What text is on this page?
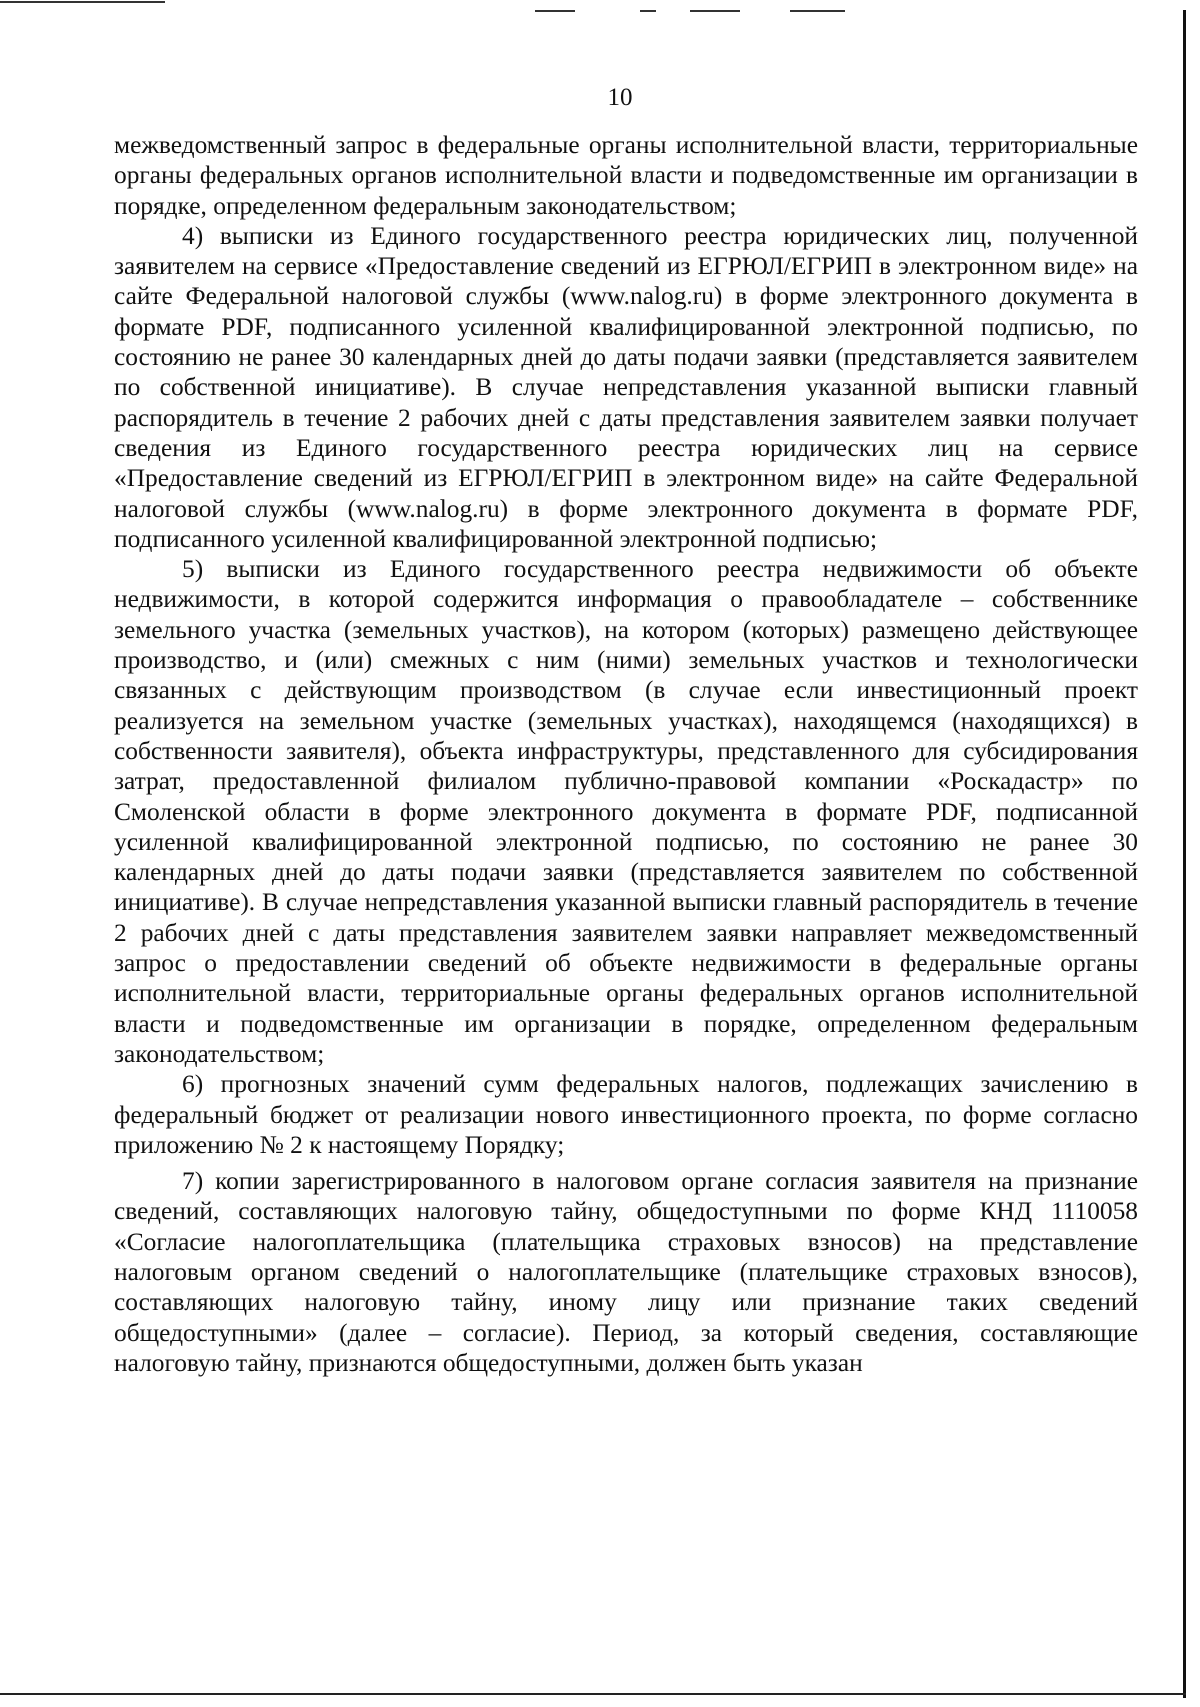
10

межведомственный запрос в федеральные органы исполнительной власти, территориальные органы федеральных органов исполнительной власти и подведомственные им организации в порядке, определенном федеральным законодательством;

4) выписки из Единого государственного реестра юридических лиц, полученной заявителем на сервисе «Предоставление сведений из ЕГРЮЛ/ЕГРИП в электронном виде» на сайте Федеральной налоговой службы (www.nalog.ru) в форме электронного документа в формате PDF, подписанного усиленной квалифицированной электронной подписью, по состоянию не ранее 30 календарных дней до даты подачи заявки (представляется заявителем по собственной инициативе). В случае непредставления указанной выписки главный распорядитель в течение 2 рабочих дней с даты представления заявителем заявки получает сведения из Единого государственного реестра юридических лиц на сервисе «Предоставление сведений из ЕГРЮЛ/ЕГРИП в электронном виде» на сайте Федеральной налоговой службы (www.nalog.ru) в форме электронного документа в формате PDF, подписанного усиленной квалифицированной электронной подписью;

5) выписки из Единого государственного реестра недвижимости об объекте недвижимости, в которой содержится информация о правообладателе – собственнике земельного участка (земельных участков), на котором (которых) размещено действующее производство, и (или) смежных с ним (ними) земельных участков и технологически связанных с действующим производством (в случае если инвестиционный проект реализуется на земельном участке (земельных участках), находящемся (находящихся) в собственности заявителя), объекта инфраструктуры, представленного для субсидирования затрат, предоставленной филиалом публично-правовой компании «Роскадастр» по Смоленской области в форме электронного документа в формате PDF, подписанной усиленной квалифицированной электронной подписью, по состоянию не ранее 30 календарных дней до даты подачи заявки (представляется заявителем по собственной инициативе). В случае непредставления указанной выписки главный распорядитель в течение 2 рабочих дней с даты представления заявителем заявки направляет межведомственный запрос о предоставлении сведений об объекте недвижимости в федеральные органы исполнительной власти, территориальные органы федеральных органов исполнительной власти и подведомственные им организации в порядке, определенном федеральным законодательством;

6) прогнозных значений сумм федеральных налогов, подлежащих зачислению в федеральный бюджет от реализации нового инвестиционного проекта, по форме согласно приложению № 2 к настоящему Порядку;

7) копии зарегистрированного в налоговом органе согласия заявителя на признание сведений, составляющих налоговую тайну, общедоступными по форме КНД 1110058 «Согласие налогоплательщика (плательщика страховых взносов) на представление налоговым органом сведений о налогоплательщике (плательщике страховых взносов), составляющих налоговую тайну, иному лицу или признание таких сведений общедоступными» (далее – согласие). Период, за который сведения, составляющие налоговую тайну, признаются общедоступными, должен быть указан
